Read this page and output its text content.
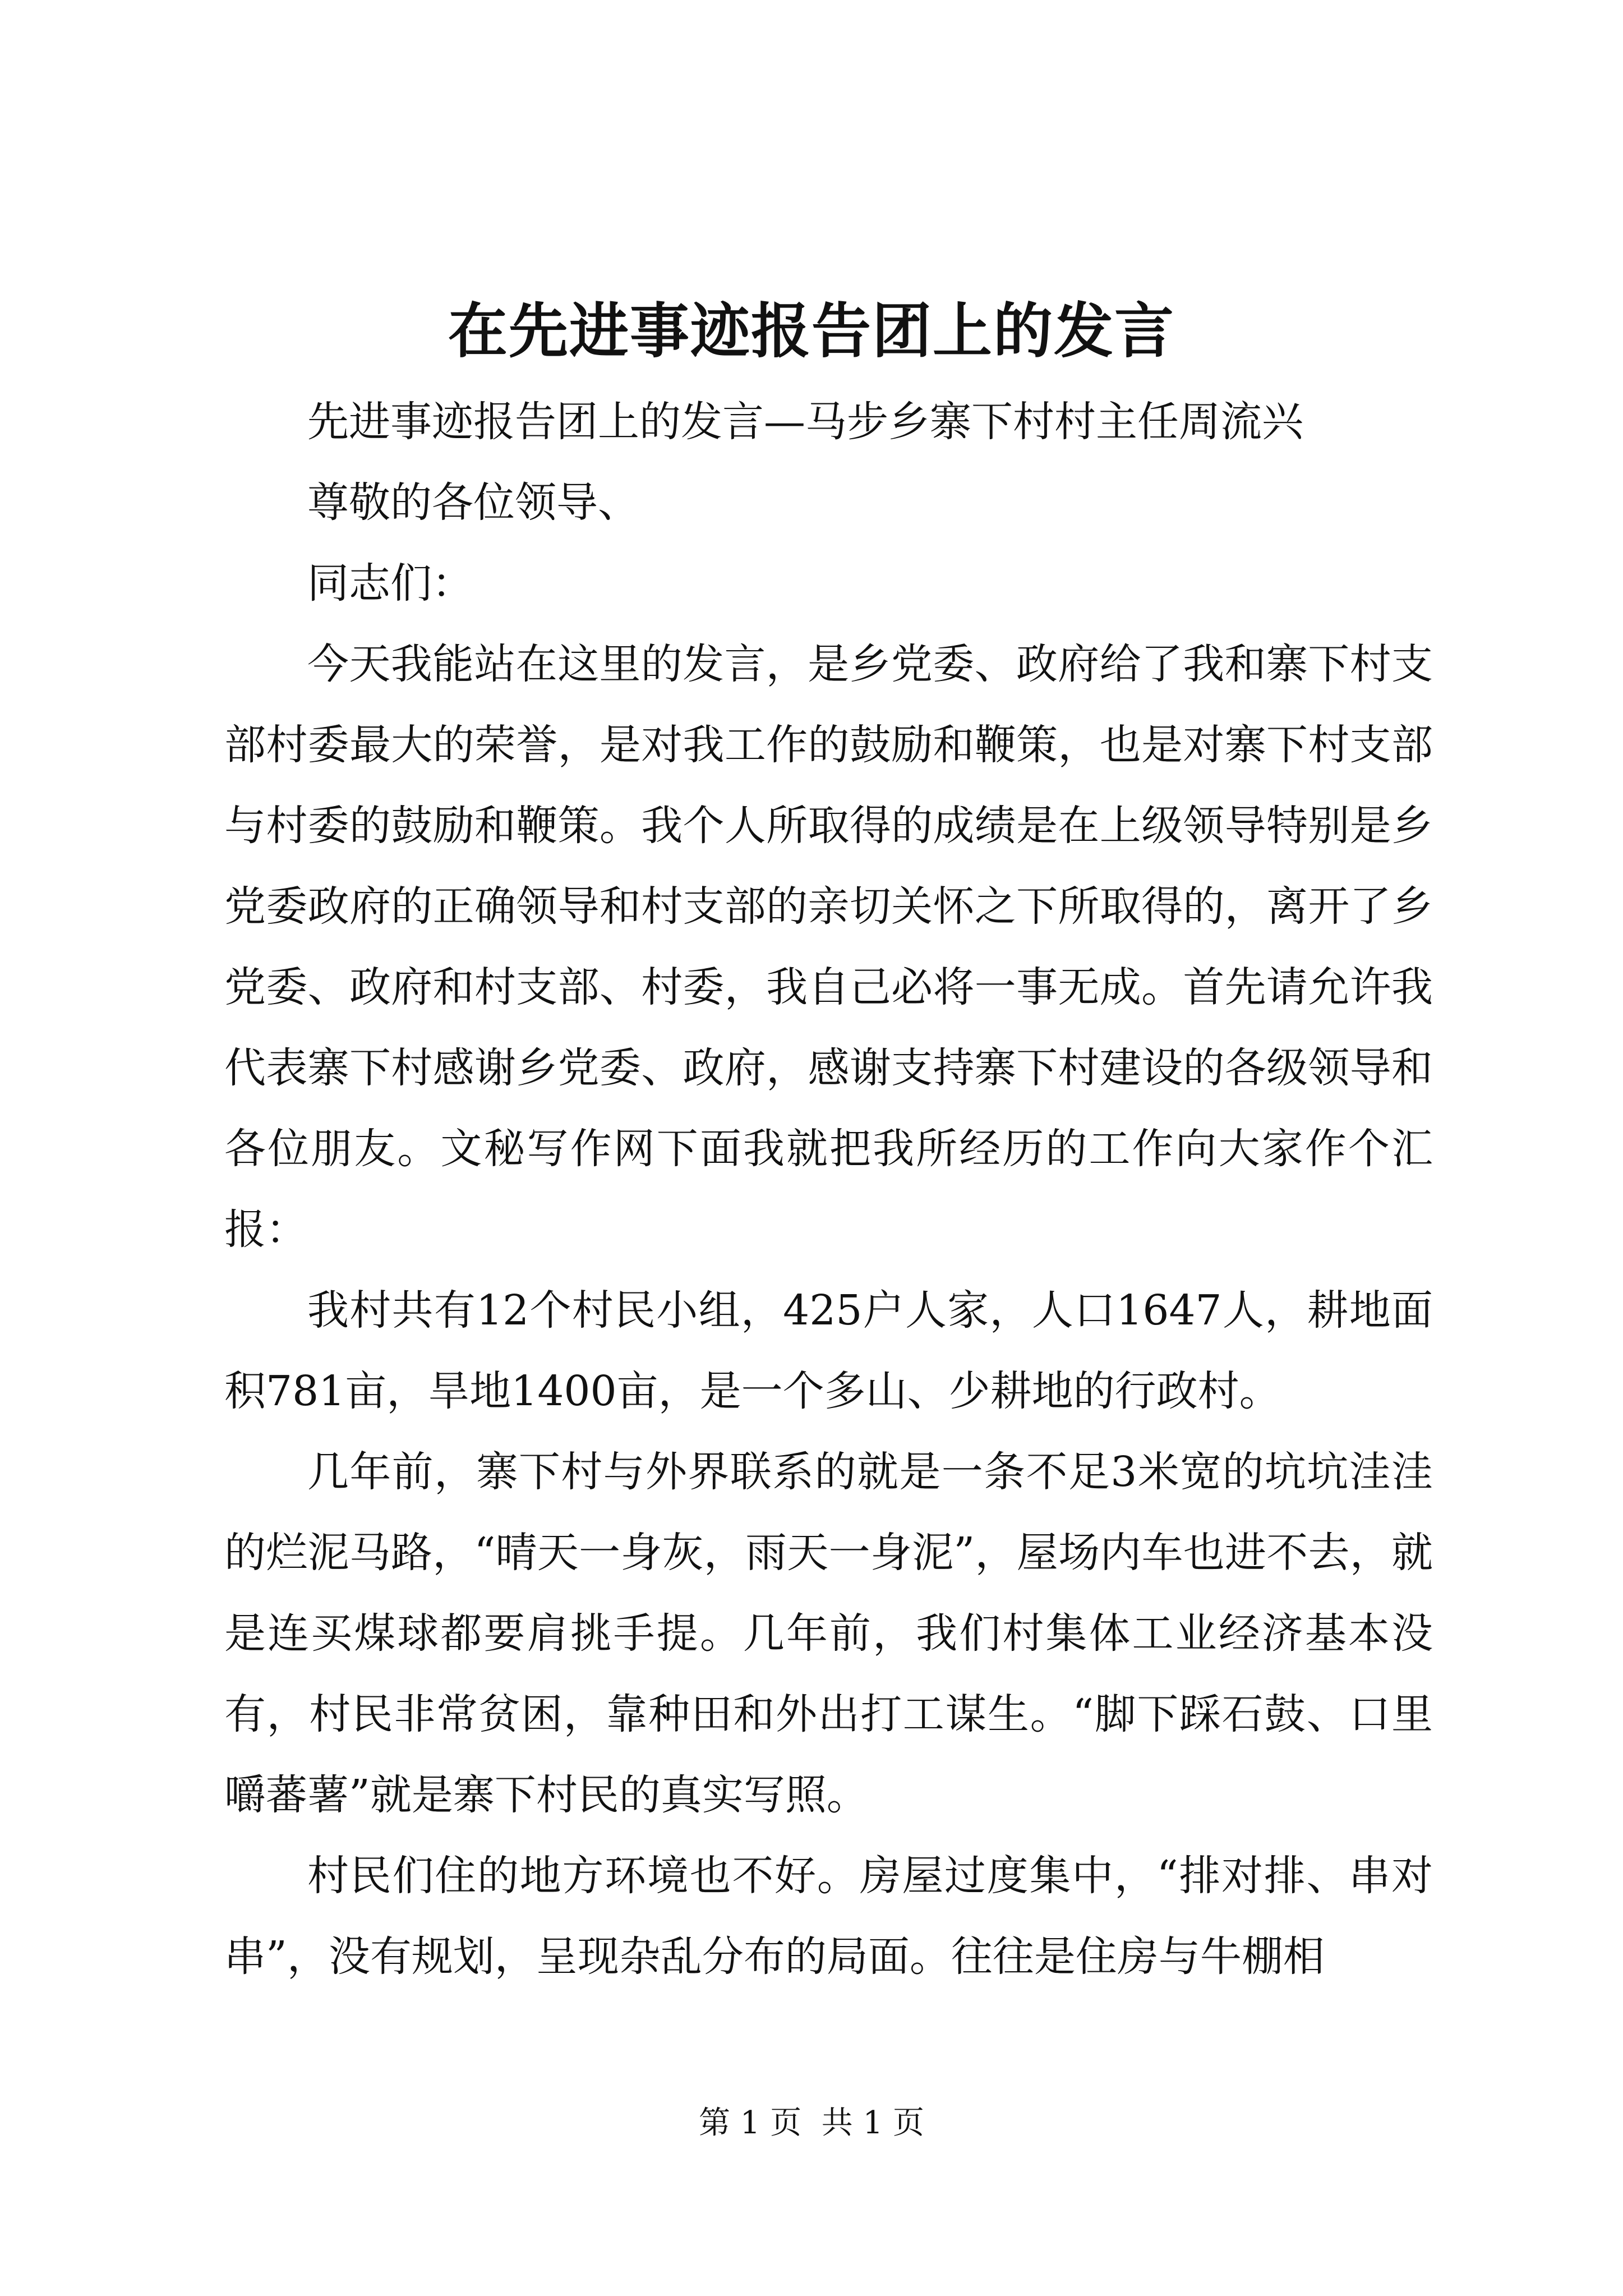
在先进事迹报告团上的发言

先进事迹报告团上的发言—马步乡寨下村村主任周流兴

尊敬的各位领导、

同志们：

今天我能站在这里的发言，是乡党委、政府给了我和寨下村支部村委最大的荣誉，是对我工作的鼓励和鞭策，也是对寨下村支部与村委的鼓励和鞭策。我个人所取得的成绩是在上级领导特别是乡党委政府的正确领导和村支部的亲切关怀之下所取得的，离开了乡党委、政府和村支部、村委，我自己必将一事无成。首先请允许我代表寨下村感谢乡党委、政府，感谢支持寨下村建设的各级领导和各位朋友。文秘写作网下面我就把我所经历的工作向大家作个汇报：

我村共有12个村民小组，425户人家，人口1647人，耕地面积781亩，旱地1400亩，是一个多山、少耕地的行政村。

几年前，寨下村与外界联系的就是一条不足3米宽的坑坑洼洼的烂泥马路，“晴天一身灰，雨天一身泥”，屋场内车也进不去，就是连买煤球都要肩挑手提。几年前，我们村集体工业经济基本没有，村民非常贫困，靠种田和外出打工谋生。“脚下踩石鼓、口里嚼蕃薯”就是寨下村民的真实写照。

村民们住的地方环境也不好。房屋过度集中，“排对排、串对串”，没有规划，呈现杂乱分布的局面。往往是住房与牛棚相

第 1 页  共 1 页
